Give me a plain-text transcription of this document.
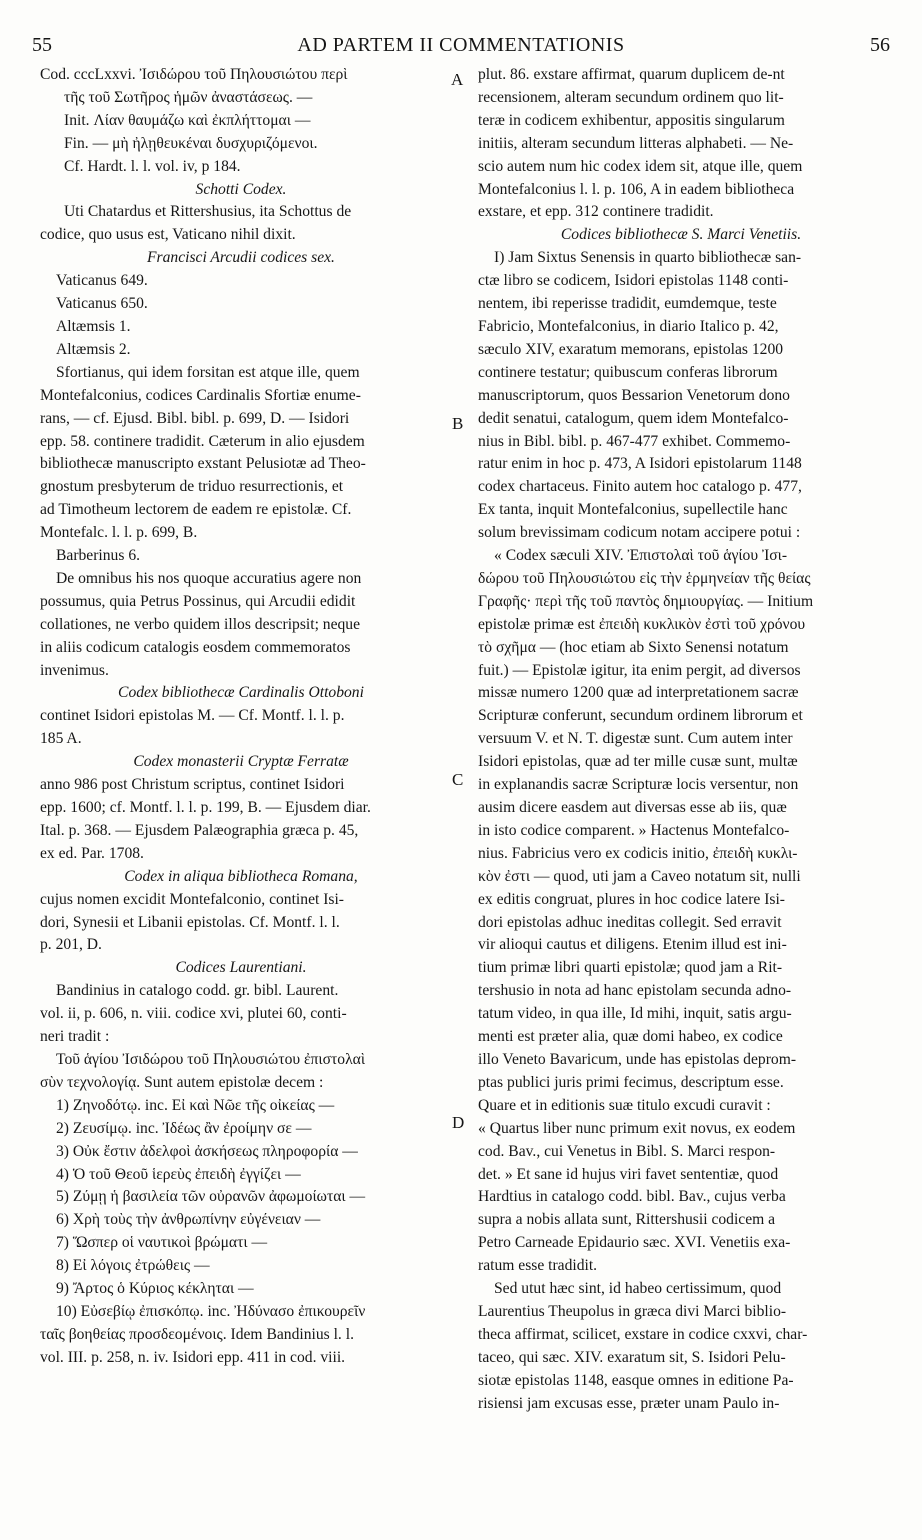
55	AD PARTEM II COMMENTATIONIS	56
A
B
C
D
Cod. cccLxxvi. Ἰσιδώρου τοῦ Πηλουσιώτου περὶ
τῆς τοῦ Σωτῆρος ἡμῶν ἀναστάσεως. —
Init. Λίαν θαυμάζω καὶ ἐκπλήττομαι —
Fin. — μὴ ἠλῃθευκέναι δυσχυριζόμενοι.
Cf. Hardt. l. l. vol. iv, p 184.
Schotti Codex.
Uti Chatardus et Rittershusius, ita Schottus de
codice, quo usus est, Vaticano nihil dixit.
Francisci Arcudii codices sex.
Vaticanus 649.
Vaticanus 650.
Altæmsis 1.
Altæmsis 2.
Sfortianus, qui idem forsitan est atque ille, quem
Montefalconius, codices Cardinalis Sfortiæ enume-
rans, — cf. Ejusd. Bibl. bibl. p. 699, D. — Isidori
epp. 58. continere tradidit. Cæterum in alio ejusdem
bibliothecæ manuscripto exstant Pelusiotæ ad Theo-
gnostum presbyterum de triduo resurrectionis, et
ad Timotheum lectorem de eadem re epistolæ. Cf.
Montefalc. l. l. p. 699, B.
Barberinus 6.
De omnibus his nos quoque accuratius agere non
possumus, quia Petrus Possinus, qui Arcudii edidit
collationes, ne verbo quidem illos descripsit; neque
in aliis codicum catalogis eosdem commemoratos
invenimus.
Codex bibliothecæ Cardinalis Ottoboni
continet Isidori epistolas M. — Cf. Montf. l. l. p.
185 A.
Codex monasterii Cryptæ Ferratæ
anno 986 post Christum scriptus, continet Isidori
epp. 1600; cf. Montf. l. l. p. 199, B. — Ejusdem diar.
Ital. p. 368. — Ejusdem Palæographia græca p. 45,
ex ed. Par. 1708.
Codex in aliqua bibliotheca Romana,
cujus nomen excidit Montefalconio, continet Isi-
dori, Synesii et Libanii epistolas. Cf. Montf. l. l.
p. 201, D.
Codices Laurentiani.
Bandinius in catalogo codd. gr. bibl. Laurent.
vol. ii, p. 606, n. viii. codice xvi, plutei 60, conti-
neri tradit :
Τοῦ ἁγίου Ἰσιδώρου τοῦ Πηλουσιώτου ἐπιστολαὶ
σὺν τεχνολογίᾳ. Sunt autem epistolæ decem :
1) Ζηνοδότῳ. inc. Εἰ καὶ Νῶε τῆς οἰκείας —
2) Ζευσίμῳ. inc. Ἰδέως ἂν ἐροίμην σε —
3) Οὐκ ἔστιν ἀδελφοὶ ἀσκήσεως πληροφορία —
4) Ὁ τοῦ Θεοῦ ἱερεὺς ἐπειδὴ ἐγγίζει —
5) Ζύμῃ ἡ βασιλεία τῶν οὐρανῶν ἀφωμοίωται —
6) Χρὴ τοὺς τὴν ἀνθρωπίνην εὐγένειαν —
7) Ὥσπερ οἱ ναυτικοὶ βρώματι —
8) Εἰ λόγοις ἐτρώθεις —
9) Ἄρτος ὁ Κύριος κέκληται —
10) Εὐσεβίῳ ἐπισκόπῳ. inc. Ἠδύνασο ἐπικουρεῖν
ταῖς βοηθείας προσδεομένοις. Idem Bandinius l. l.
vol. III. p. 258, n. iv. Isidori epp. 411 in cod. viii.
plut. 86. exstare affirmat, quarum duplicem de-nt
recensionem, alteram secundum ordinem quo lit-
teræ in codicem exhibentur, appositis singularum
initiis, alteram secundum litteras alphabeti. — Ne-
scio autem num hic codex idem sit, atque ille, quem
Montefalconius l. l. p. 106, A in eadem bibliotheca
exstare, et epp. 312 continere tradidit.
Codices bibliothecæ S. Marci Venetiis.
I) Jam Sixtus Senensis in quarto bibliothecæ san-
ctæ libro se codicem, Isidori epistolas 1148 conti-
nentem, ibi reperisse tradidit, eumdemque, teste
Fabricio, Montefalconius, in diario Italico p. 42,
sæculo XIV, exaratum memorans, epistolas 1200
continere testatur; quibuscum conferas librorum
manuscriptorum, quos Bessarion Venetorum dono
dedit senatui, catalogum, quem idem Montefalco-
nius in Bibl. bibl. p. 467-477 exhibet. Commemo-
ratur enim in hoc p. 473, A Isidori epistolarum 1148
codex chartaceus. Finito autem hoc catalogo p. 477,
Ex tanta, inquit Montefalconius, supellectile hanc
solum brevissimam codicum notam accipere potui :
« Codex sæculi XIV. Ἐπιστολαὶ τοῦ ἁγίου Ἰσι-
δώρου τοῦ Πηλουσιώτου εἰς τὴν ἑρμηνείαν τῆς θείας
Γραφῆς· περὶ τῆς τοῦ παντὸς δημιουργίας. — Initium
epistolæ primæ est ἐπειδὴ κυκλικὸν ἐστὶ τοῦ χρόνου
τὸ σχῆμα — (hoc etiam ab Sixto Senensi notatum
fuit.) — Epistolæ igitur, ita enim pergit, ad diversos
missæ numero 1200 quæ ad interpretationem sacræ
Scripturæ conferunt, secundum ordinem librorum et
versuum V. et N. T. digestæ sunt. Cum autem inter
Isidori epistolas, quæ ad ter mille cusæ sunt, multæ
in explanandis sacræ Scripturæ locis versentur, non
ausim dicere easdem aut diversas esse ab iis, quæ
in isto codice comparent. » Hactenus Montefalco-
nius. Fabricius vero ex codicis initio, ἐπειδὴ κυκλι-
κὸν ἐστι — quod, uti jam a Caveo notatum sit, nulli
ex editis congruat, plures in hoc codice latere Isi-
dori epistolas adhuc ineditas collegit. Sed erravit
vir alioqui cautus et diligens. Etenim illud est ini-
tium primæ libri quarti epistolæ; quod jam a Rit-
tershusio in nota ad hanc epistolam secunda adno-
tatum video, in qua ille, Id mihi, inquit, satis argu-
menti est præter alia, quæ domi habeo, ex codice
illo Veneto Bavaricum, unde has epistolas deprom-
ptas publici juris primi fecimus, descriptum esse.
Quare et in editionis suæ titulo excudi curavit :
« Quartus liber nunc primum exit novus, ex eodem
cod. Bav., cui Venetus in Bibl. S. Marci respon-
det. » Et sane id hujus viri favet sententiæ, quod
Hardtius in catalogo codd. bibl. Bav., cujus verba
supra a nobis allata sunt, Rittershusii codicem a
Petro Carneade Epidaurio sæc. XVI. Venetiis exa-
ratum esse tradidit.
Sed utut hæc sint, id habeo certissimum, quod
Laurentius Theupolus in græca divi Marci biblio-
theca affirmat, scilicet, exstare in codice cxxvi, char-
taceo, qui sæc. XIV. exaratum sit, S. Isidori Pelu-
siotæ epistolas 1148, easque omnes in editione Pa-
risiensi jam excusas esse, præter unam Paulo in-
